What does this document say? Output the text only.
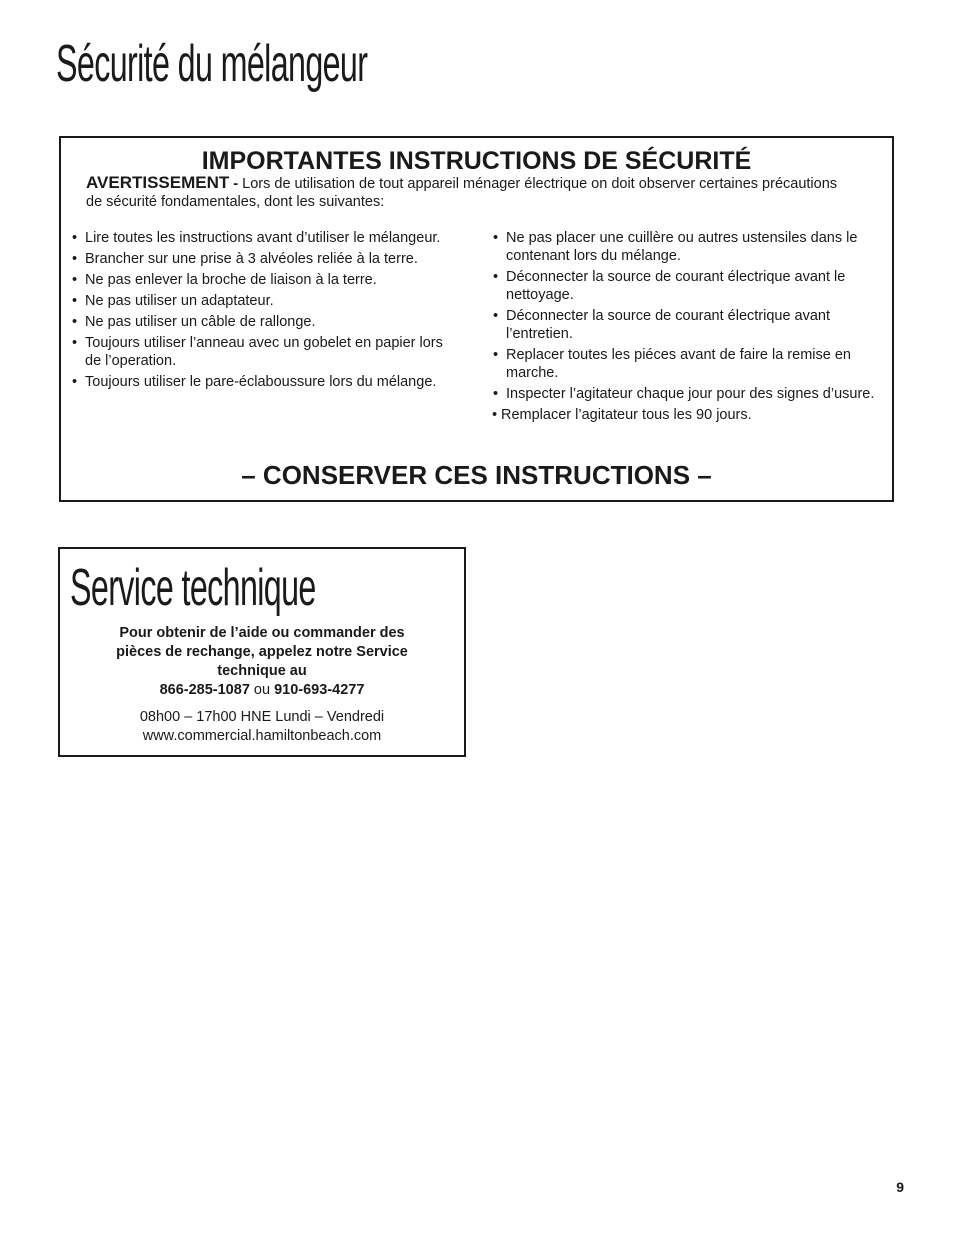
Sécurité du mélangeur
IMPORTANTES INSTRUCTIONS DE SÉCURITÉ

AVERTISSEMENT - Lors de utilisation de tout appareil ménager électrique on doit observer certaines précautions de sécurité fondamentales, dont les suivantes:

• Lire toutes les instructions avant d’utiliser le mélangeur.
• Brancher sur une prise à 3 alvéoles reliée à la terre.
• Ne pas enlever la broche de liaison à la terre.
• Ne pas utiliser un adaptateur.
• Ne pas utiliser un câble de rallonge.
• Toujours utiliser l’anneau avec un gobelet en papier lors de l’operation.
• Toujours utiliser le pare-éclaboussure lors du mélange.
• Ne pas placer une cuillère ou autres ustensiles dans le contenant lors du mélange.
• Déconnecter la source de courant électrique avant le nettoyage.
• Déconnecter la source de courant électrique avant l’entretien.
• Replacer toutes les piéces avant de faire la remise en marche.
• Inspecter l’agitateur chaque jour pour des signes d’usure.
• Remplacer l’agitateur tous les 90 jours.

– CONSERVER CES INSTRUCTIONS –

Service technique
Pour obtenir de l’aide ou commander des
pièces de rechange, appelez notre Service
technique au
866-285-1087 ou 910-693-4277
08h00 – 17h00 HNE Lundi – Vendredi
www.commercial.hamiltonbeach.com
9
